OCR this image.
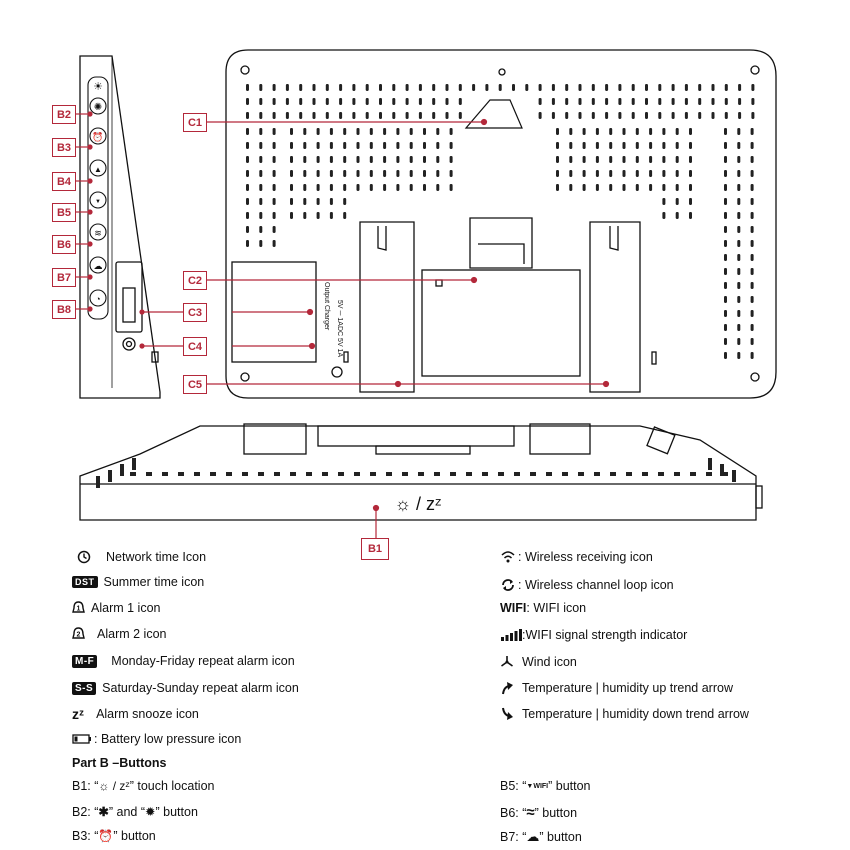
☀
✺
⏰
▲
▼
≋
☁
◔	Output Charger 5V ─ 1A
DC 5V 1A
☼ / zᶻ
B2
B3
B4
B5
B6
B7
B8
C1
C2
C3
C4
C5
B1
Network time Icon
DST Summer time icon
1 Alarm 1 icon
2 Alarm 2 icon
M-F Monday-Friday repeat alarm icon
S-S Saturday-Sunday repeat alarm icon
zᶻ Alarm snooze icon
: Battery low pressure icon
: Wireless receiving icon
: Wireless channel loop icon
WIFI : WIFI icon
:WIFI signal strength indicator
Wind icon
Temperature | humidity up trend arrow
Temperature | humidity down trend arrow
Part B –Buttons
B1: “ ☼ / zᶻ ” touch location
B2: “ ✱ ” and “ ✹ ” button
B3: “ ⏰ ” button
B5: “ ▼WIFI ” button
B6: “ ≈ ” button
B7: “ ☁ ” button
